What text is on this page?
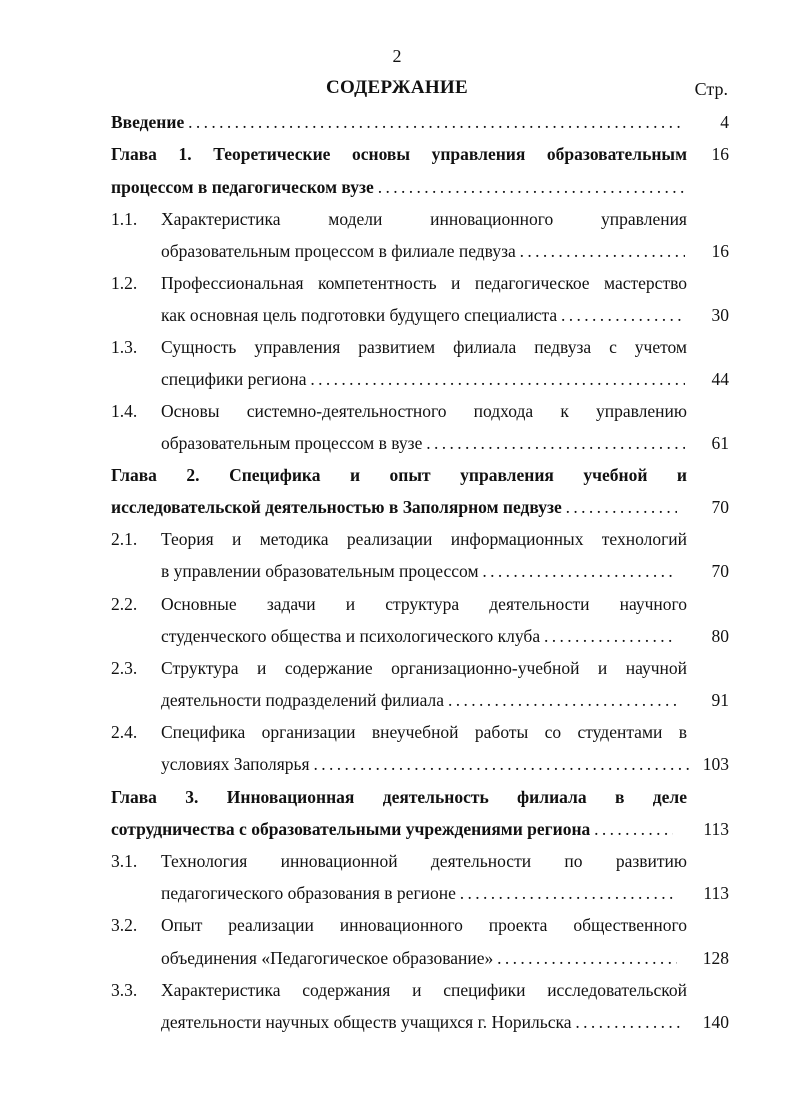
2
СОДЕРЖАНИЕ	Стр.
Введение . . .	4
Глава 1. Теоретические основы управления образовательным	16
процессом в педагогическом вузе . . .
1.1. Характеристика модели инновационного управления
образовательным процессом в филиале педвуза . . .	16
1.2. Профессиональная компетентность и педагогическое мастерство
как основная цель подготовки будущего специалиста . . .	30
1.3. Сущность управления развитием филиала педвуза с учетом
специфики региона . . .	44
1.4. Основы системно-деятельностного подхода к управлению
образовательным процессом в вузе . . .	61
Глава 2. Специфика и опыт управления учебной и
исследовательской деятельностью в Заполярном педвузе . . .	70
2.1. Теория и методика реализации информационных технологий
в управлении образовательным процессом . . .	70
2.2. Основные задачи и структура деятельности научного
студенческого общества и психологического клуба . . .	80
2.3. Структура и содержание организационно-учебной и научной
деятельности подразделений филиала . . .	91
2.4. Специфика организации внеучебной работы со студентами в
условиях Заполярья . . .	103
Глава 3. Инновационная деятельность филиала в деле
сотрудничества с образовательными учреждениями региона . . .	113
3.1. Технология инновационной деятельности по развитию
педагогического образования в регионе . . .	113
3.2. Опыт реализации инновационного проекта общественного
объединения «Педагогическое образование» . . .	128
3.3. Характеристика содержания и специфики исследовательской
деятельности научных обществ учащихся г. Норильска . . .	140
